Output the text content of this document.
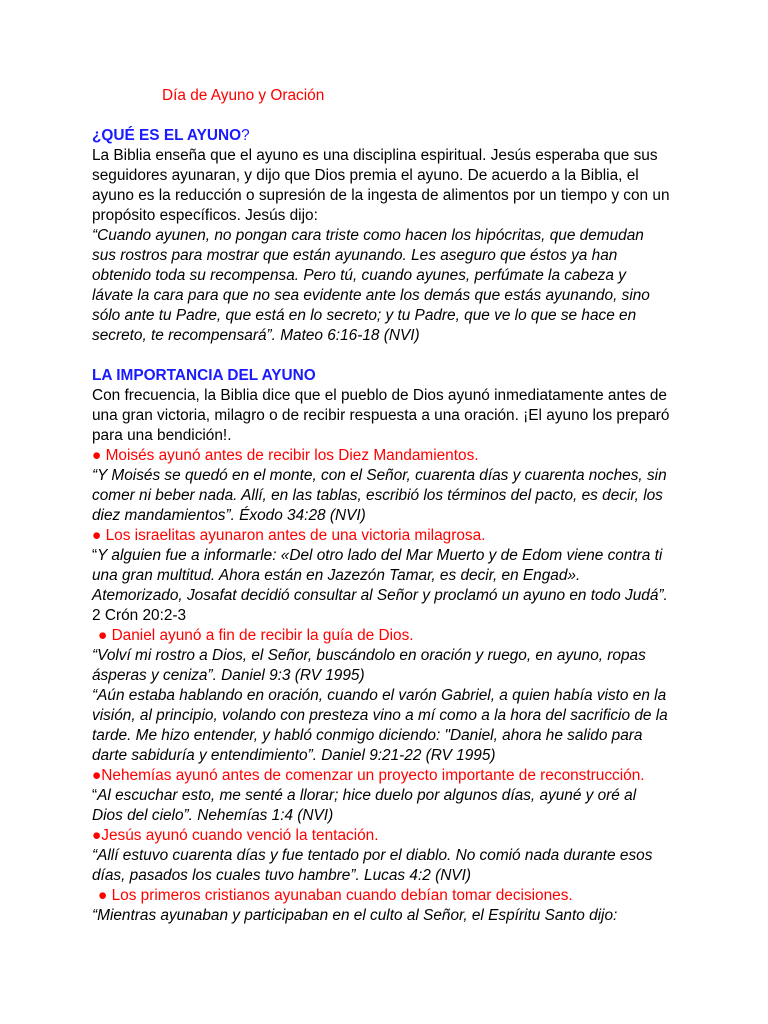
Día de Ayuno y Oración
¿QUÉ ES EL AYUNO?
La Biblia enseña que el ayuno es una disciplina espiritual. Jesús esperaba que sus
seguidores ayunaran, y dijo que Dios premia el ayuno. De acuerdo a la Biblia, el
ayuno es la reducción o supresión de la ingesta de alimentos por un tiempo y con un
propósito específicos. Jesús dijo:
“Cuando ayunen, no pongan cara triste como hacen los hipócritas, que demudan
sus rostros para mostrar que están ayunando. Les aseguro que éstos ya han
obtenido toda su recompensa. Pero tú, cuando ayunes, perfúmate la cabeza y
lávate la cara para que no sea evidente ante los demás que estás ayunando, sino
sólo ante tu Padre, que está en lo secreto; y tu Padre, que ve lo que se hace en
secreto, te recompensará”. Mateo 6:16-18 (NVI)
LA IMPORTANCIA DEL AYUNO
Con frecuencia, la Biblia dice que el pueblo de Dios ayunó inmediatamente antes de
una gran victoria, milagro o de recibir respuesta a una oración. ¡El ayuno los preparó
para una bendición!.
● Moisés ayunó antes de recibir los Diez Mandamientos.
“Y Moisés se quedó en el monte, con el Señor, cuarenta días y cuarenta noches, sin
comer ni beber nada. Allí, en las tablas, escribió los términos del pacto, es decir, los
diez mandamientos”. Éxodo 34:28 (NVI)
● Los israelitas ayunaron antes de una victoria milagrosa.
“Y alguien fue a informarle: «Del otro lado del Mar Muerto y de Edom viene contra ti
una gran multitud. Ahora están en Jazezón Tamar, es decir, en Engad».
Atemorizado, Josafat decidió consultar al Señor y proclamó un ayuno en todo Judá”.
2 Crón 20:2-3
● Daniel ayunó a fin de recibir la guía de Dios.
“Volví mi rostro a Dios, el Señor, buscándolo en oración y ruego, en ayuno, ropas
ásperas y ceniza”. Daniel 9:3 (RV 1995)
“Aún estaba hablando en oración, cuando el varón Gabriel, a quien había visto en la
visión, al principio, volando con presteza vino a mí como a la hora del sacrificio de la
tarde. Me hizo entender, y habló conmigo diciendo: "Daniel, ahora he salido para
darte sabiduría y entendimiento”. Daniel 9:21-22 (RV 1995)
●Nehemías ayunó antes de comenzar un proyecto importante de reconstrucción.
“Al escuchar esto, me senté a llorar; hice duelo por algunos días, ayuné y oré al
Dios del cielo”. Nehemías 1:4 (NVI)
●Jesús ayunó cuando venció la tentación.
“Allí estuvo cuarenta días y fue tentado por el diablo. No comió nada durante esos
días, pasados los cuales tuvo hambre”. Lucas 4:2 (NVI)
● Los primeros cristianos ayunaban cuando debían tomar decisiones.
“Mientras ayunaban y participaban en el culto al Señor, el Espíritu Santo dijo:
